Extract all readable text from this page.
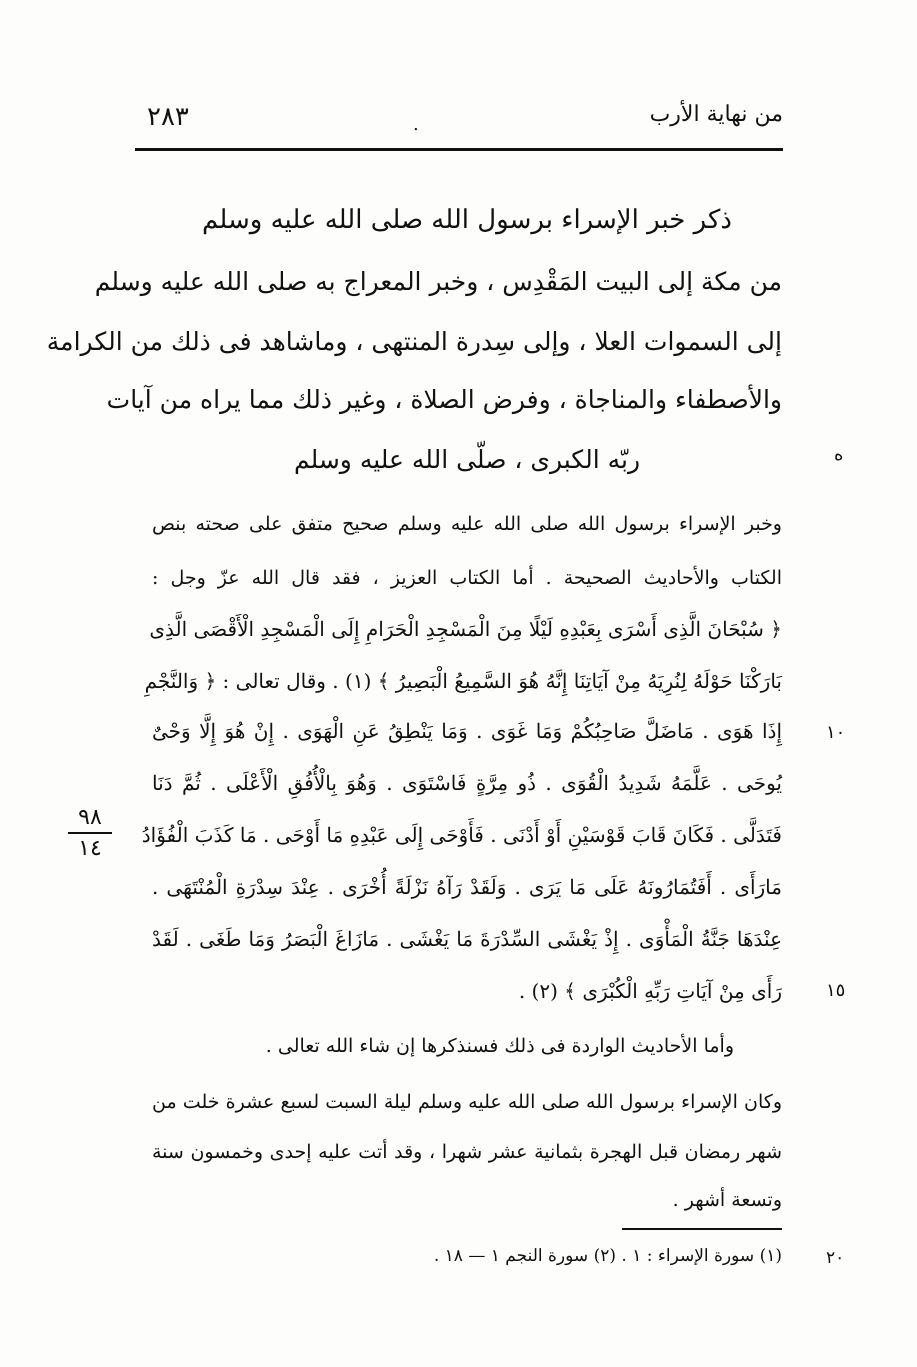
٢٨٣	.	من نهاية الأرب
ذكر خبر الإسراء برسول الله صلى الله عليه وسلم
من مكة إلى البيت المَقْدِس ، وخبر المعراج به صلى الله عليه وسلم
إلى السموات العلا ، وإلى سِدرة المنتهى ، وماشاهد فى ذلك من الكرامة
والأصطفاء والمناجاة ، وفرض الصلاة ، وغير ذلك مما يراه من آيات
ربّه الكبرى ، صلّى الله عليه وسلم
وخبر الإسراء برسول الله صلى الله عليه وسلم صحيح متفق على صحته بنص
الكتاب والأحاديث الصحيحة . أما الكتاب العزيز ، فقد قال الله عزّ وجل :
﴿ سُبْحَانَ الَّذِى أَسْرَى بِعَبْدِهِ لَيْلًا مِنَ الْمَسْجِدِ الْحَرَامِ إِلَى الْمَسْجِدِ الْأَقْصَى الَّذِى
بَارَكْنَا حَوْلَهُ لِنُرِيَهُ مِنْ آيَاتِنَا إِنَّهُ هُوَ السَّمِيعُ الْبَصِيرُ ﴾ (١) . وقال تعالى : ﴿ وَالنَّجْمِ
إِذَا هَوَى . مَاضَلَّ صَاحِبُكُمْ وَمَا غَوَى . وَمَا يَنْطِقُ عَنِ الْهَوَى . إِنْ هُوَ إِلَّا وَحْىٌ
يُوحَى . عَلَّمَهُ شَدِيدُ الْقُوَى . ذُو مِرَّةٍ فَاسْتَوَى . وَهُوَ بِالْأُفُقِ الْأَعْلَى . ثُمَّ دَنَا
فَتَدَلَّى . فَكَانَ قَابَ قَوْسَيْنِ أَوْ أَدْنَى . فَأَوْحَى إِلَى عَبْدِهِ مَا أَوْحَى . مَا كَذَبَ الْفُؤَادُ
مَارَأَى . أَفَتُمَارُونَهُ عَلَى مَا يَرَى . وَلَقَدْ رَآهُ نَزْلَةً أُخْرَى . عِنْدَ سِدْرَةِ الْمُنْتَهَى .
عِنْدَهَا جَنَّةُ الْمَأْوَى . إِذْ يَغْشَى السِّدْرَةَ مَا يَغْشَى . مَازَاغَ الْبَصَرُ وَمَا طَغَى . لَقَدْ
رَأَى مِنْ آيَاتِ رَبِّهِ الْكُبْرَى ﴾ (٢) .
وأما الأحاديث الواردة فى ذلك فسنذكرها إن شاء الله تعالى .
وكان الإسراء برسول الله صلى الله عليه وسلم ليلة السبت لسبع عشرة خلت من
شهر رمضان قبل الهجرة بثمانية عشر شهرا ، وقد أتت عليه إحدى وخمسون سنة
وتسعة أشهر .
ه
١٠
١٥
٩٨
١٤
(١) سورة الإسراء : ١ . (٢) سورة النجم ١ — ١٨ .	٢٠
